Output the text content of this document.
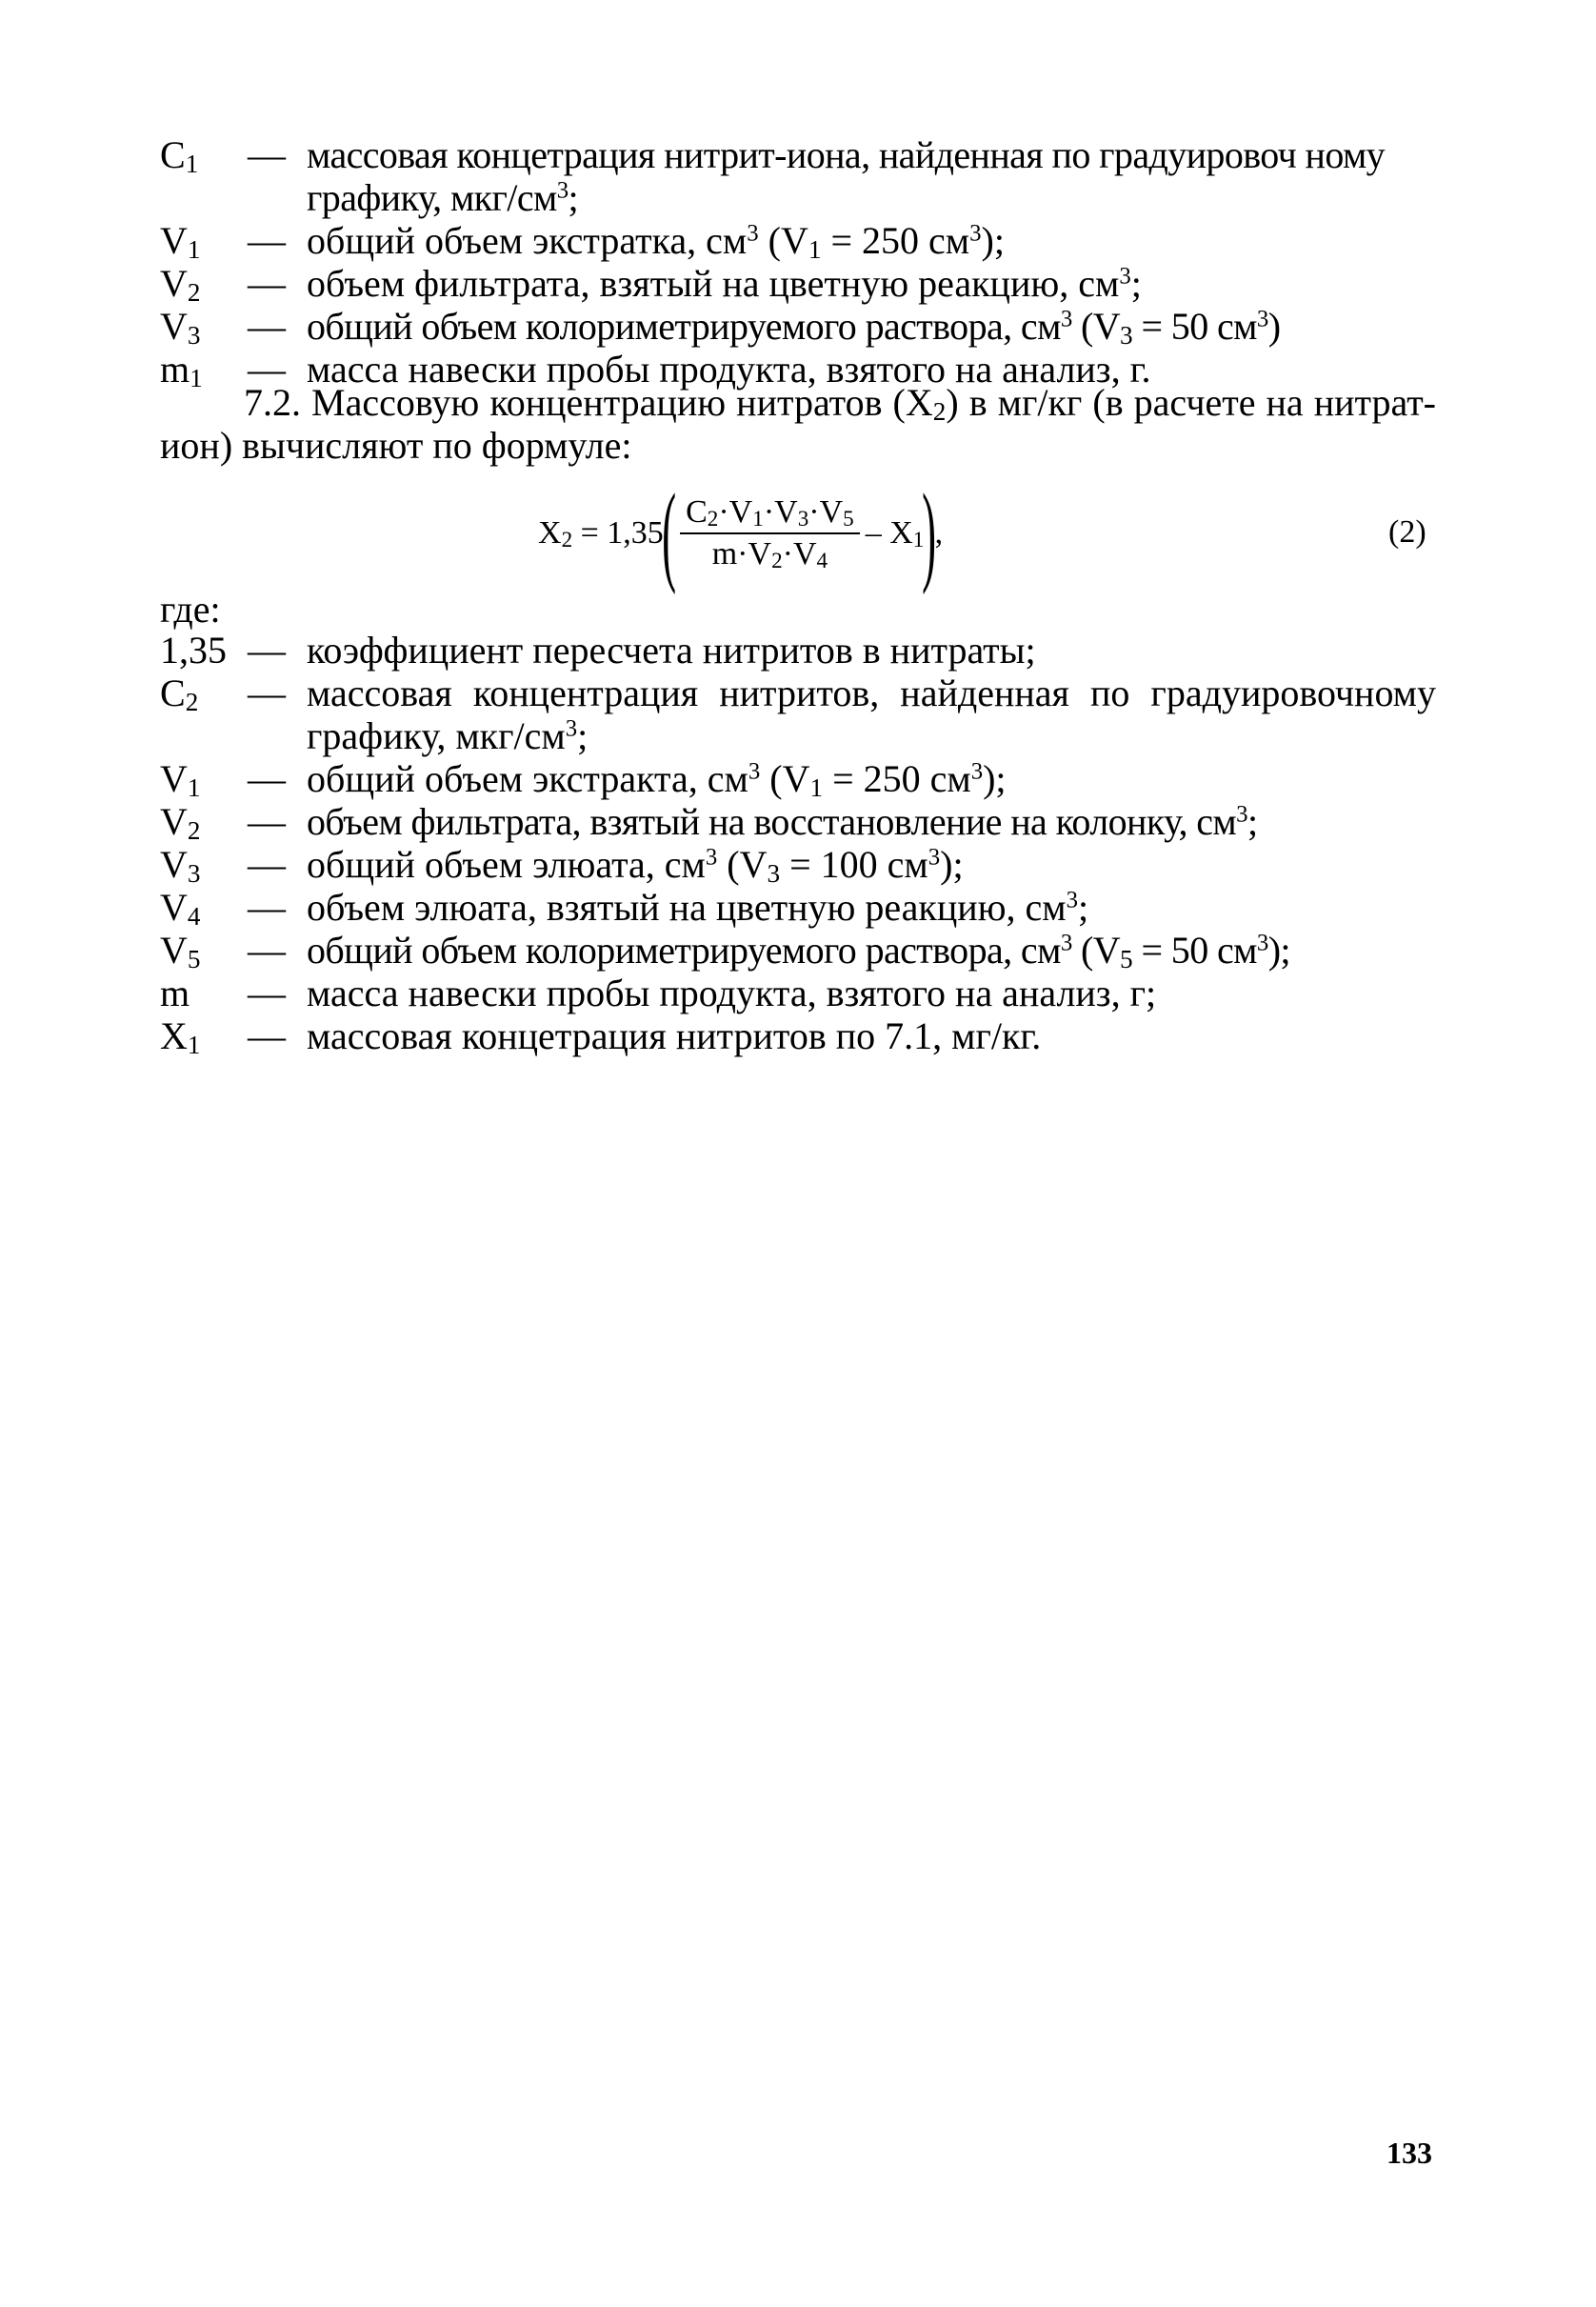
$C_1$	— массовая концетрация нитрит-иона, найденная по градуировоч ному графику, мкг/$см^3$;
$V_1$	— общий объем экстратка, $см^3$ ($V_1 = 250$ $см^3$);
$V_2$	— объем фильтрата, взятый на цветную реакцию, $см^3$;
$V_3$	— общий объем колориметрируемого раствора, $см^3$ ($V_3 = 50$ $см^3$)
$m_1$	— масса навески пробы продукта, взятого на анализ, г.
7.2. Массовую концентрацию нитратов $(X_2)$ в мг/кг (в расчете на нитрат-ион) вычисляют по формуле:
$X_2 = 1,35$
( $\frac{C_2\cdot V_1\cdot V_3\cdot V_5}{m\cdot V_2\cdot V_4} - X_1$
)
,	(2)
где:
1,35 — коэффициент пересчета нитритов в нитраты;
$C_2$	— массовая концентрация нитритов, найденная по градуировочному графику, мкг/$см^3$;
$V_1$	— общий объем экстракта, $см^3$ ($V_1 = 250$ $см^3$);
$V_2$	— объем фильтрата, взятый на восстановление на колонку, $см^3$;
$V_3$	— общий объем элюата, $см^3$ ($V_3 = 100$ $см^3$);
$V_4$	— объем элюата, взятый на цветную реакцию, $см^3$;
$V_5$	— общий объем колориметрируемого раствора, $см^3$ ($V_5 = 50$ $см^3$);
m	— масса навески пробы продукта, взятого на анализ, г;
$X_1$	— массовая концетрация нитритов по 7.1, мг/кг.
133
